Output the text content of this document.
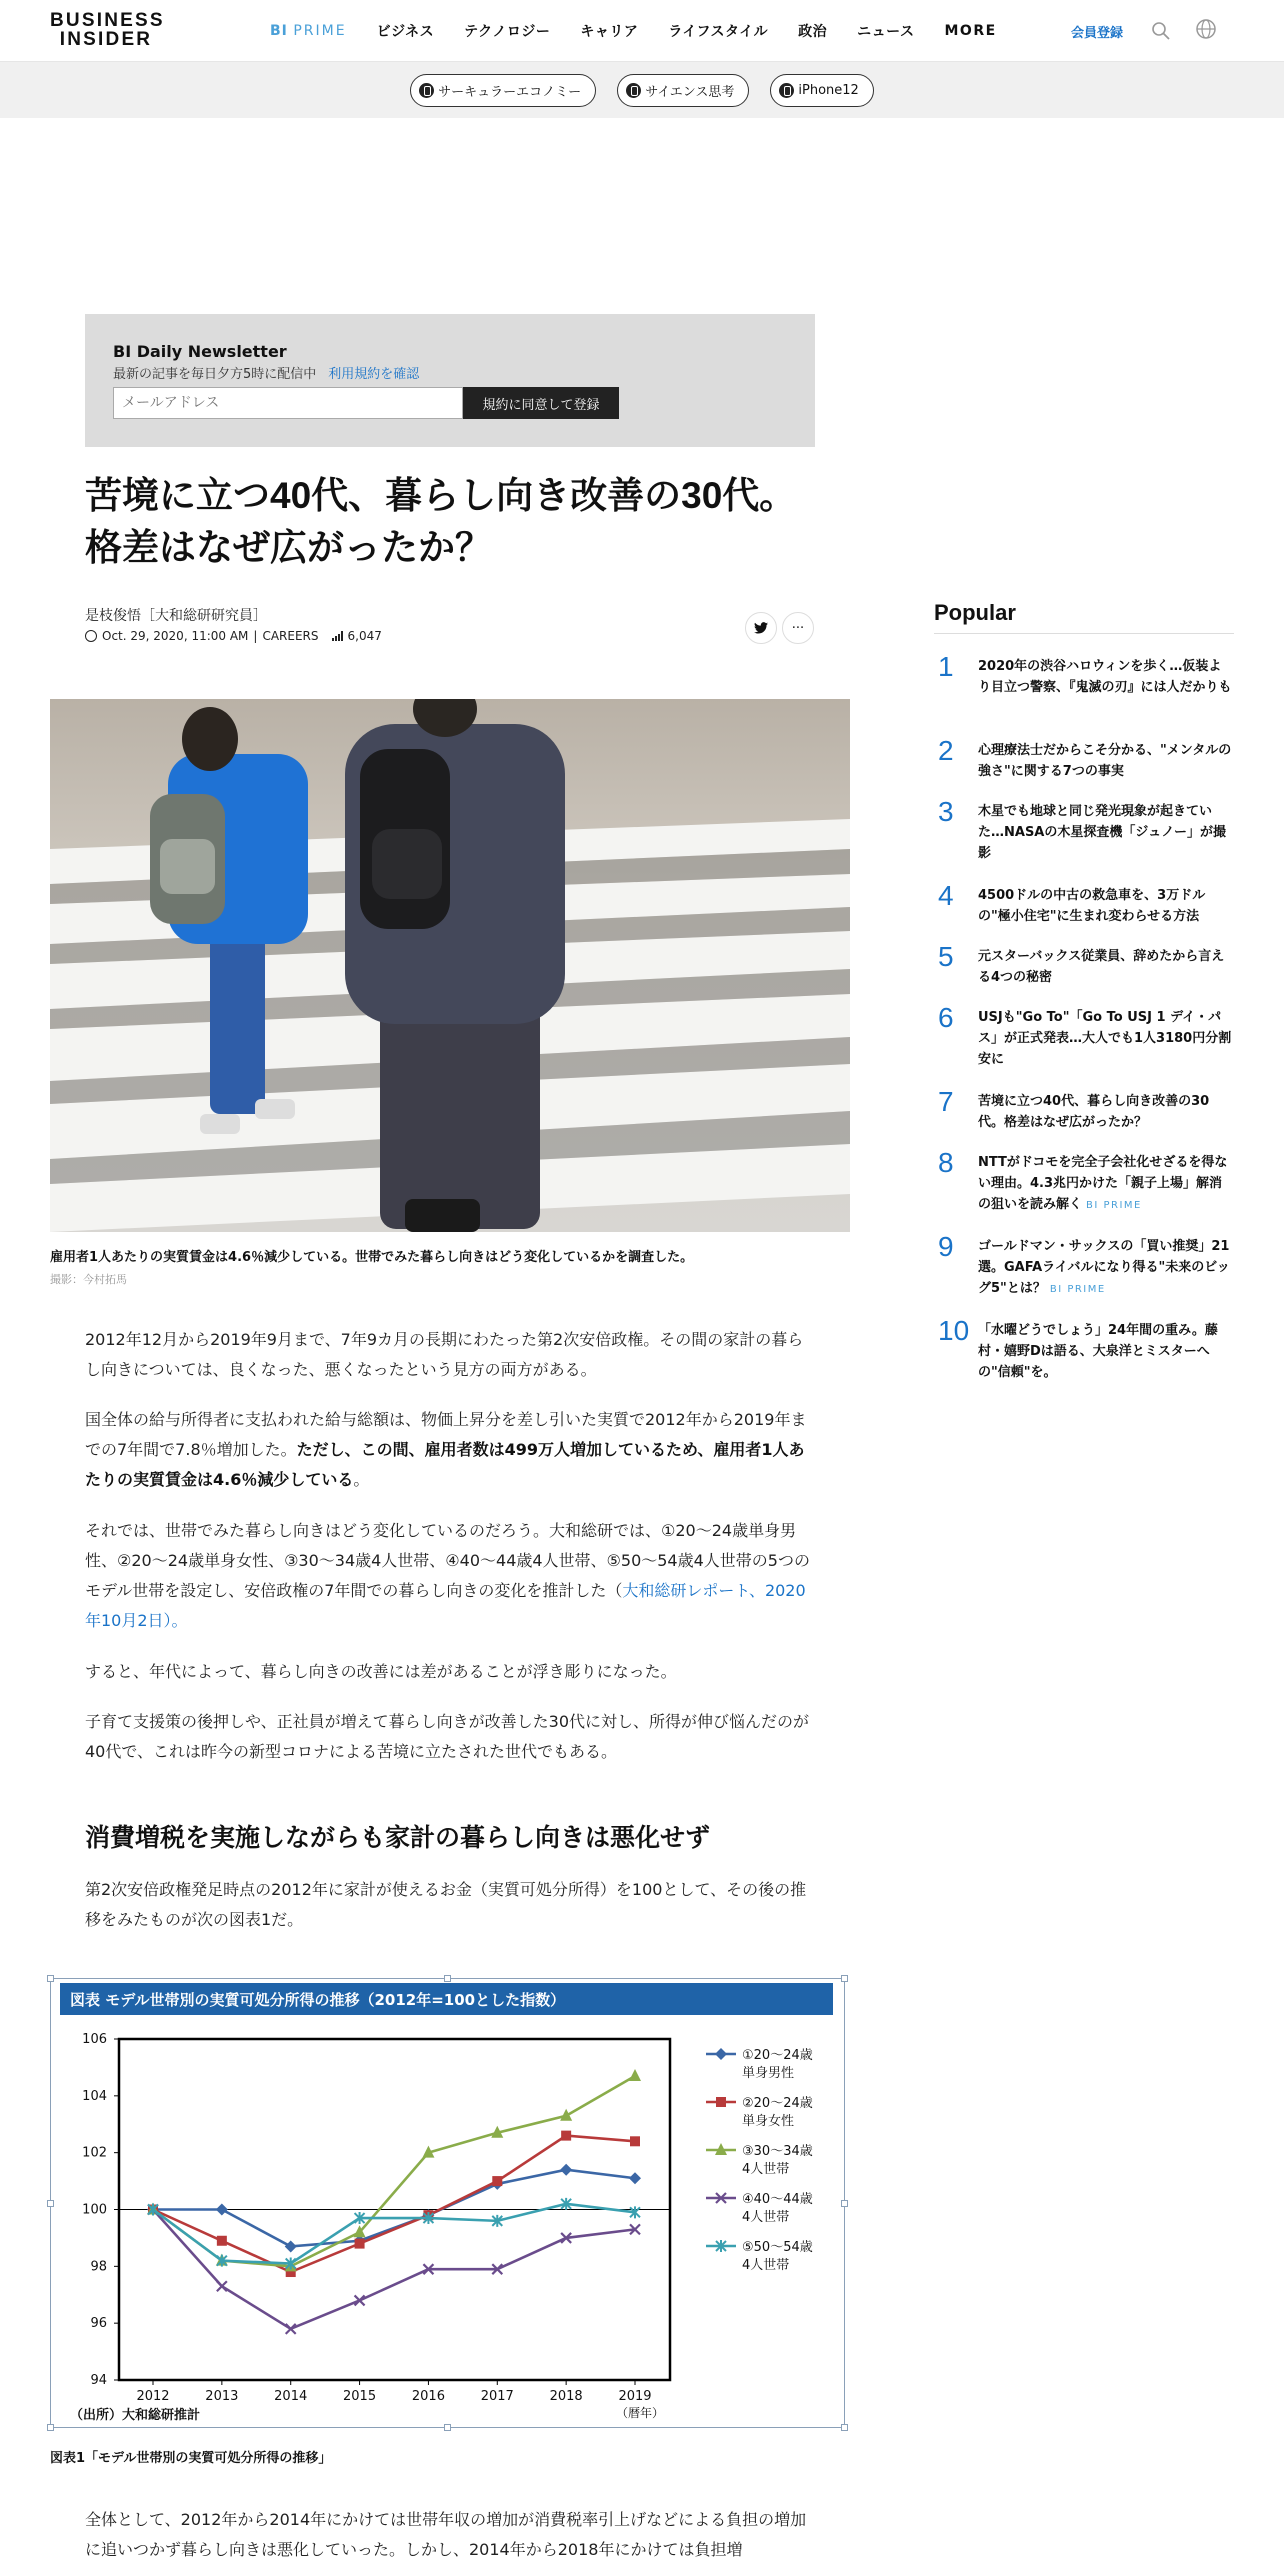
BUSINESS
INSIDER	BI PRIME ビジネス テクノロジー キャリア ライフスタイル 政治 ニュース MORE	会員登録
サーキュラーエコノミー	サイエンス思考	iPhone12
BI Daily Newsletter
最新の記事を毎日夕方5時に配信中 利用規約を確認
メールアドレス
規約に同意して登録
苦境に立つ40代、暮らし向き改善の30代。格差はなぜ広がったか？
是枝俊悟［大和総研研究員］
Oct. 29, 2020, 11:00 AM | CAREERS 6,047
···
雇用者1人あたりの実質賃金は4.6％減少している。世帯でみた暮らし向きはどう変化しているかを調査した。
撮影：今村拓馬

2012年12月から2019年9月まで、7年9カ月の長期にわたった第2次安倍政権。その間の家計の暮らし向きについては、良くなった、悪くなったという見方の両方がある。

国全体の給与所得者に支払われた給与総額は、物価上昇分を差し引いた実質で2012年から2019年までの7年間で7.8％増加した。ただし、この間、雇用者数は499万人増加しているため、雇用者1人あたりの実質賃金は4.6％減少している。

それでは、世帯でみた暮らし向きはどう変化しているのだろう。大和総研では、①20〜24歳単身男性、②20〜24歳単身女性、③30〜34歳4人世帯、④40〜44歳4人世帯、⑤50〜54歳4人世帯の5つのモデル世帯を設定し、安倍政権の7年間での暮らし向きの変化を推計した（大和総研レポート、2020年10月2日）。

すると、年代によって、暮らし向きの改善には差があることが浮き彫りになった。

子育て支援策の後押しや、正社員が増えて暮らし向きが改善した30代に対し、所得が伸び悩んだのが40代で、これは昨今の新型コロナによる苦境に立たされた世代でもある。

消費増税を実施しながらも家計の暮らし向きは悪化せず

第2次安倍政権発足時点の2012年に家計が使えるお金（実質可処分所得）を100として、その後の推移をみたものが次の図表1だ。

図表 モデル世帯別の実質可処分所得の推移（2012年=100とした指数）
94
96
98
100
102
104
106
2012	2013	2014	2015	2016	2017	2018	2019
①20〜24歳
単身男性
②20〜24歳
単身女性
③30〜34歳
4人世帯
④40〜44歳
4人世帯
⑤50〜54歳
4人世帯
（出所）大和総研推計	（暦年）
図表1「モデル世帯別の実質可処分所得の推移」

全体として、2012年から2014年にかけては世帯年収の増加が消費税率引上げなどによる負担の増加に追いつかず暮らし向きは悪化していった。しかし、2014年から2018年にかけては負担増

Popular
1	2020年の渋谷ハロウィンを歩く…仮装より目立つ警察、『鬼滅の刃』には人だかりも
2	心理療法士だからこそ分かる、"メンタルの強さ"に関する7つの事実
3	木星でも地球と同じ発光現象が起きていた…NASAの木星探査機「ジュノー」が撮影
4	4500ドルの中古の救急車を、3万ドルの"極小住宅"に生まれ変わらせる方法
5	元スターバックス従業員、辞めたから言える4つの秘密
6	USJも"Go To"「Go To USJ 1 デイ・パス」が正式発表…大人でも1人3180円分割安に
7	苦境に立つ40代、暮らし向き改善の30代。格差はなぜ広がったか？
8	NTTがドコモを完全子会社化せざるを得ない理由。4.3兆円かけた「親子上場」解消の狙いを読み解く BI PRIME
9	ゴールドマン・サックスの「買い推奨」21選。GAFAライバルになり得る"未来のビッグ5"とは？ BI PRIME
10 「水曜どうでしょう」24年間の重み。藤村・嬉野Dは語る、大泉洋とミスターへの"信頼"を。
